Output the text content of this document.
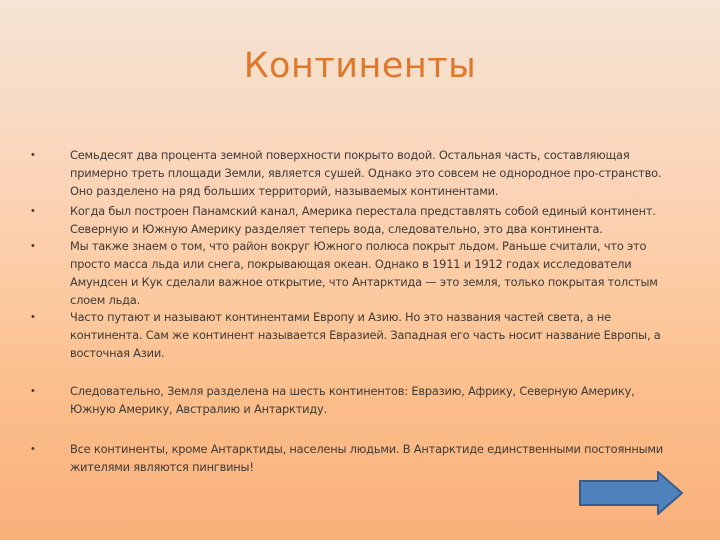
Континенты
•	Семьдесят два процента земной поверхности покрыто водой. Остальная часть, составляющая примерно треть площади Земли, является сушей. Однако это совсем не однородное про-странство. Оно разделено на ряд больших территорий, называемых континентами.
•	Когда был построен Панамский канал, Америка перестала представлять собой единый континент. Северную и Южную Америку разделяет теперь вода, следовательно, это два континента.
•	Мы также знаем о том, что район вокруг Южного полюса покрыт льдом. Раньше считали, что это просто масса льда или снега, покрывающая океан. Однако в 1911 и 1912 годах исследователи Амундсен и Кук сделали важное открытие, что Антарктида — это земля, только покрытая толстым слоем льда.
•	Часто путают и называют континентами Европу и Азию. Но это названия частей света, а не континента. Сам же континент называется Евразией. Западная его часть носит название Европы, а восточная Азии.
•	Следовательно, Земля разделена на шесть континентов: Евразию, Африку, Северную Америку, Южную Америку, Австралию и Антарктиду.
•	Все континенты, кроме Антарктиды, населены людьми. В Антарктиде единственными постоянными жителями являются пингвины!
